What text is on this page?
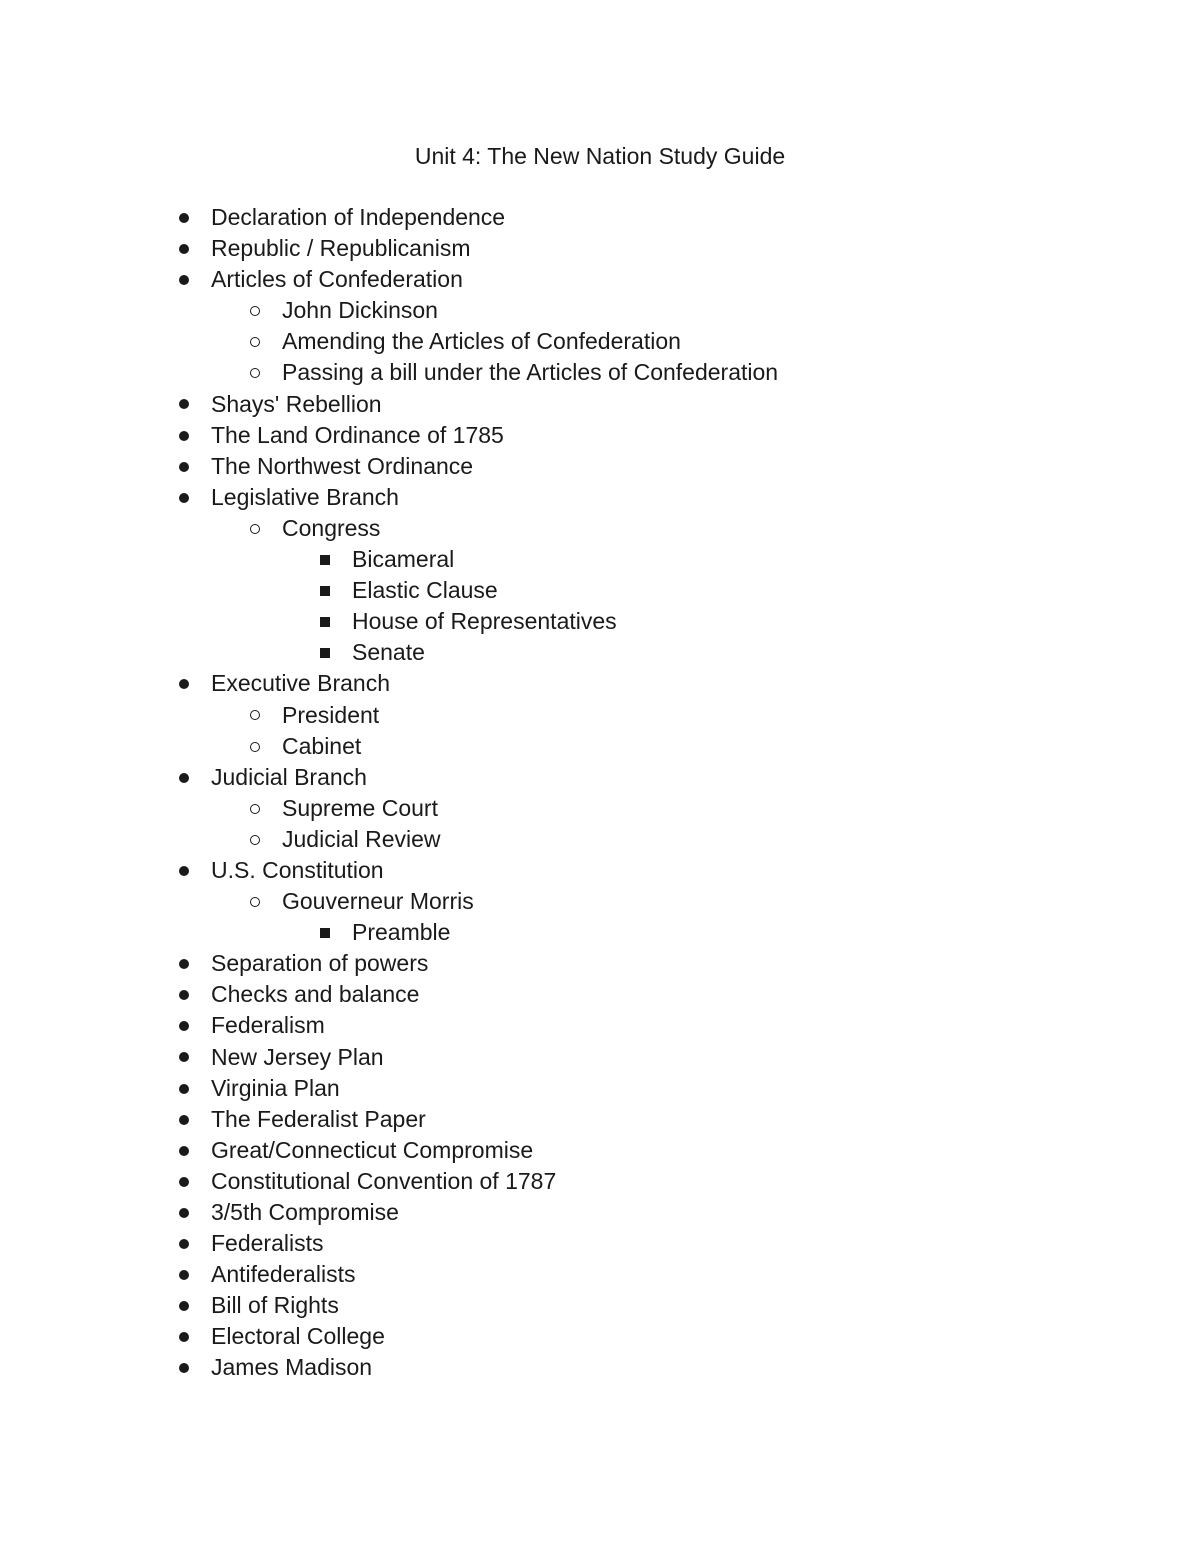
Unit 4: The New Nation Study Guide
Declaration of Independence
Republic / Republicanism
Articles of Confederation
John Dickinson
Amending the Articles of Confederation
Passing a bill under the Articles of Confederation
Shays' Rebellion
The Land Ordinance of 1785
The Northwest Ordinance
Legislative Branch
Congress
Bicameral
Elastic Clause
House of Representatives
Senate
Executive Branch
President
Cabinet
Judicial Branch
Supreme Court
Judicial Review
U.S. Constitution
Gouverneur Morris
Preamble
Separation of powers
Checks and balance
Federalism
New Jersey Plan
Virginia Plan
The Federalist Paper
Great/Connecticut Compromise
Constitutional Convention of 1787
3/5th Compromise
Federalists
Antifederalists
Bill of Rights
Electoral College
James Madison
